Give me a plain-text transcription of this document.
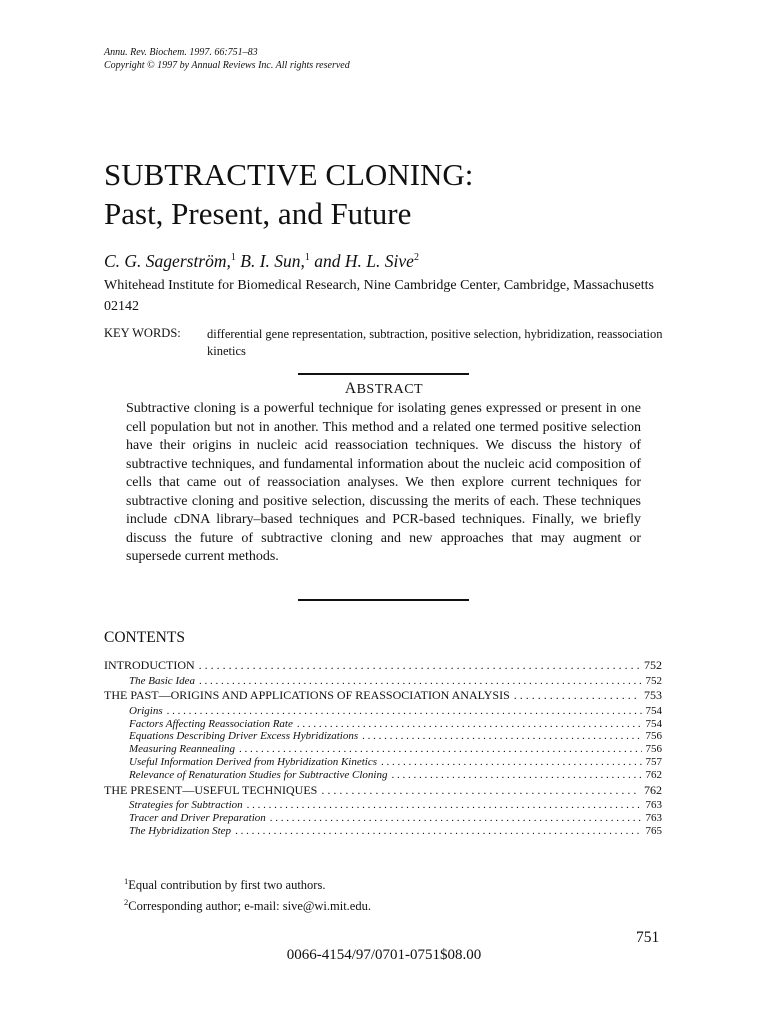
Annu. Rev. Biochem. 1997. 66:751–83
Copyright © 1997 by Annual Reviews Inc. All rights reserved
SUBTRACTIVE CLONING:
Past, Present, and Future
C. G. Sagerström,$^1$ B. I. Sun,$^1$ and H. L. Sive$^2$
Whitehead Institute for Biomedical Research, Nine Cambridge Center, Cambridge, Massachusetts 02142
KEY WORDS: differential gene representation, subtraction, positive selection, hybridization, reassociation kinetics
ABSTRACT
Subtractive cloning is a powerful technique for isolating genes expressed or present in one cell population but not in another. This method and a related one termed positive selection have their origins in nucleic acid reassociation techniques. We discuss the history of subtractive techniques, and fundamental information about the nucleic acid composition of cells that came out of reassociation analyses. We then explore current techniques for subtractive cloning and positive selection, discussing the merits of each. These techniques include cDNA library–based techniques and PCR-based techniques. Finally, we briefly discuss the future of subtractive cloning and new approaches that may augment or supersede current methods.
CONTENTS
INTRODUCTION . . .	752
The Basic Idea . . .	752
THE PAST—ORIGINS AND APPLICATIONS OF REASSOCIATION ANALYSIS . . .	753
Origins . . .	754
Factors Affecting Reassociation Rate . . .	754
Equations Describing Driver Excess Hybridizations . . .	756
Measuring Reannealing . . .	756
Useful Information Derived from Hybridization Kinetics . . .	757
Relevance of Renaturation Studies for Subtractive Cloning . . .	762
THE PRESENT—USEFUL TECHNIQUES . . .	762
Strategies for Subtraction . . .	763
Tracer and Driver Preparation . . .	763
The Hybridization Step . . .	765
$^1$Equal contribution by first two authors.
$^2$Corresponding author; e-mail: sive@wi.mit.edu.
751
0066-4154/97/0701-0751$08.00
